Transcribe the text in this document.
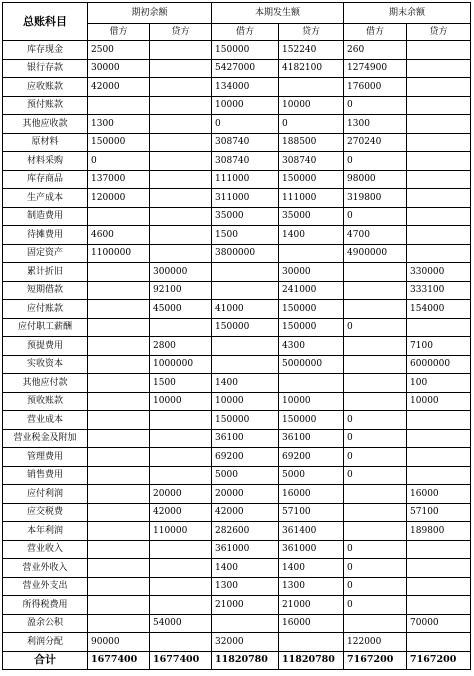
总账科目	期初余额		本期发生额		期末余额	
	借方	贷方	借方	贷方	借方	贷方
库存现金	2500		150000	152240	260	
银行存款	30000		5427000	4182100	1274900	
应收账款	42000		134000		176000	
预付账款			10000	10000	0	
其他应收款	1300		0	0	1300	
原材料	150000		308740	188500	270240	
材料采购	0		308740	308740	0	
库存商品	137000		111000	150000	98000	
生产成本	120000		311000	111000	319800	
制造费用			35000	35000	0	
待摊费用	4600		1500	1400	4700	
固定资产	1100000		3800000		4900000	
累计折旧		300000		30000		330000
短期借款		92100		241000		333100
应付账款		45000	41000	150000		154000
应付职工薪酬			150000	150000	0	
预提费用		2800		4300		7100
实收资本		1000000		5000000		6000000
其他应付款		1500	1400			100
预收账款		10000	10000	10000		10000
营业成本			150000	150000	0	
营业税金及附加			36100	36100	0	
管理费用			69200	69200	0	
销售费用			5000	5000	0	
应付利润		20000	20000	16000		16000
应交税费		42000	42000	57100		57100
本年利润		110000	282600	361400		189800
营业收入			361000	361000	0	
营业外收入			1400	1400	0	
营业外支出			1300	1300	0	
所得税费用			21000	21000	0	
盈余公积		54000		16000		70000
利润分配	90000		32000		122000	
合计	1677400	1677400	11820780	11820780	7167200	7167200
